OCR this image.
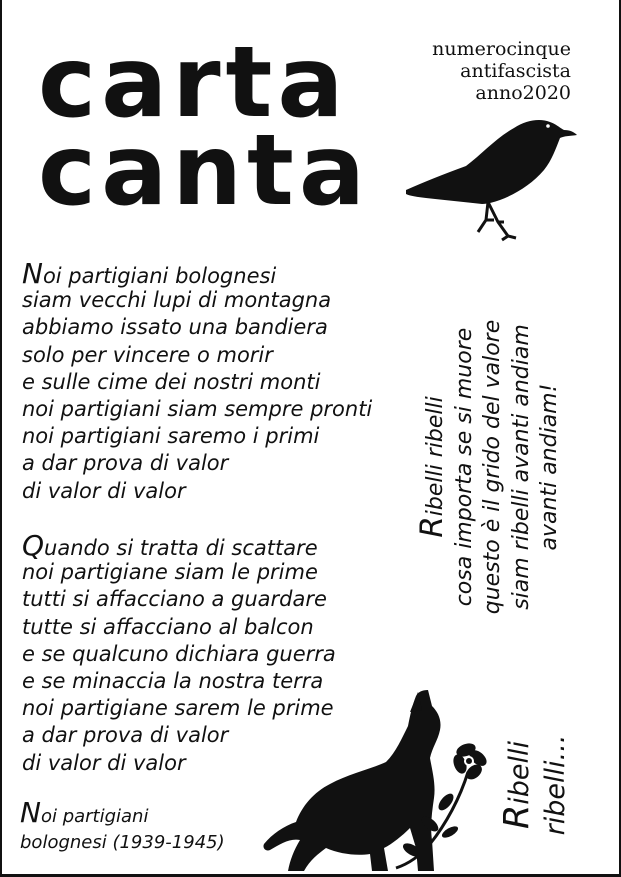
carta
canta
numerocinque
antifascista
anno2020
Noi partigiani bolognesi
siam vecchi lupi di montagna
abbiamo issato una bandiera
solo per vincere o morir
e sulle cime dei nostri monti
noi partigiani siam sempre pronti
noi partigiani saremo i primi
a dar prova di valor
di valor di valor
Quando si tratta di scattare
noi partigiane siam le prime
tutti si affacciano a guardare
tutte si affacciano al balcon
e se qualcuno dichiara guerra
e se minaccia la nostra terra
noi partigiane sarem le prime
a dar prova di valor
di valor di valor
Noi partigiani
bolognesi (1939-1945)
Ribelli ribelli cosa importa se si muore questo è il grido del valore siam ribelli avanti andiam avanti andiam!
Ribelli ribelli...
